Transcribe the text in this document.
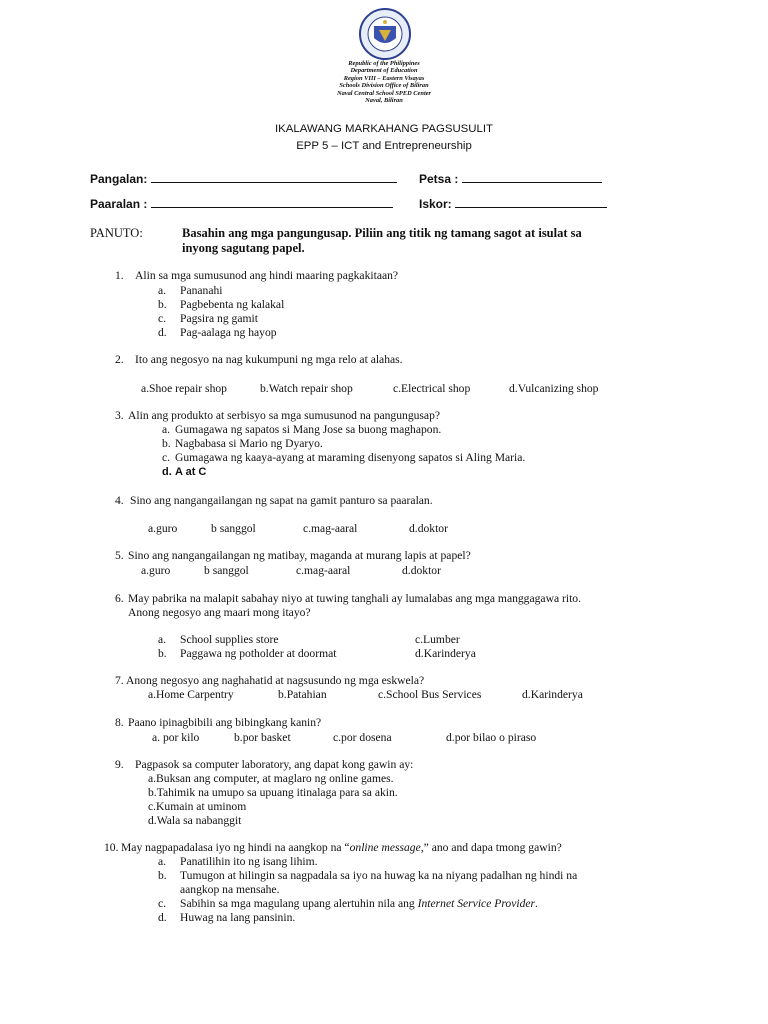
Republic of the Philippines
Department of Education
Region VIII – Eastern Visayas
Schools Division Office of Biliran
Naval Central School SPED Center
Naval, Biliran
IKALAWANG MARKAHANG PAGSUSULIT
EPP 5 – ICT and Entrepreneurship
Pangalan:	Petsa :
Paaralan :	Iskor:
PANUTO:	Basahin ang mga pangungusap. Piliin ang titik ng tamang sagot at isulat sa
inyong sagutang papel.
1. Alin sa mga sumusunod ang hindi maaring pagkakitaan?
a. Pananahi
b. Pagbebenta ng kalakal
c. Pagsira ng gamit
d. Pag-aalaga ng hayop
2. Ito ang negosyo na nag kukumpuni ng mga relo at alahas.
a.Shoe repair shop	b.Watch repair shop	c.Electrical shop	d.Vulcanizing shop
3. Alin ang produkto at serbisyo sa mga sumusunod na pangungusap?
a. Gumagawa ng sapatos si Mang Jose sa buong maghapon.
b. Nagbabasa si Mario ng Dyaryo.
c. Gumagawa ng kaaya-ayang at maraming disenyong sapatos si Aling Maria.
d. A at C
4. Sino ang nangangailangan ng sapat na gamit panturo sa paaralan.
a.guro	b sanggol	c.mag-aaral	d.doktor
5. Sino ang nangangailangan ng matibay, maganda at murang lapis at papel?
a.guro	b sanggol	c.mag-aaral	d.doktor
6. May pabrika na malapit sabahay niyo at tuwing tanghali ay lumalabas ang mga manggagawa rito.
Anong negosyo ang maari mong itayo?
a. School supplies store	c.Lumber
b. Paggawa ng potholder at doormat	d.Karinderya
7. Anong negosyo ang naghahatid at nagsusundo ng mga eskwela?
a.Home Carpentry	b.Patahian	c.School Bus Services	d.Karinderya
8. Paano ipinagbibili ang bibingkang kanin?
a. por kilo	b.por basket	c.por dosena	d.por bilao o piraso
9. Pagpasok sa computer laboratory, ang dapat kong gawin ay:
a.Buksan ang computer, at maglaro ng online games.
b.Tahimik na umupo sa upuang itinalaga para sa akin.
c.Kumain at uminom
d.Wala sa nabanggit
10. May nagpapadalasa iyo ng hindi na aangkop na “online message,” ano and dapa tmong gawin?
a. Panatilihin ito ng isang lihim.
b. Tumugon at hilingin sa nagpadala sa iyo na huwag ka na niyang padalhan ng hindi na
aangkop na mensahe.
c. Sabihin sa mga magulang upang alertuhin nila ang Internet Service Provider.
d. Huwag na lang pansinin.
